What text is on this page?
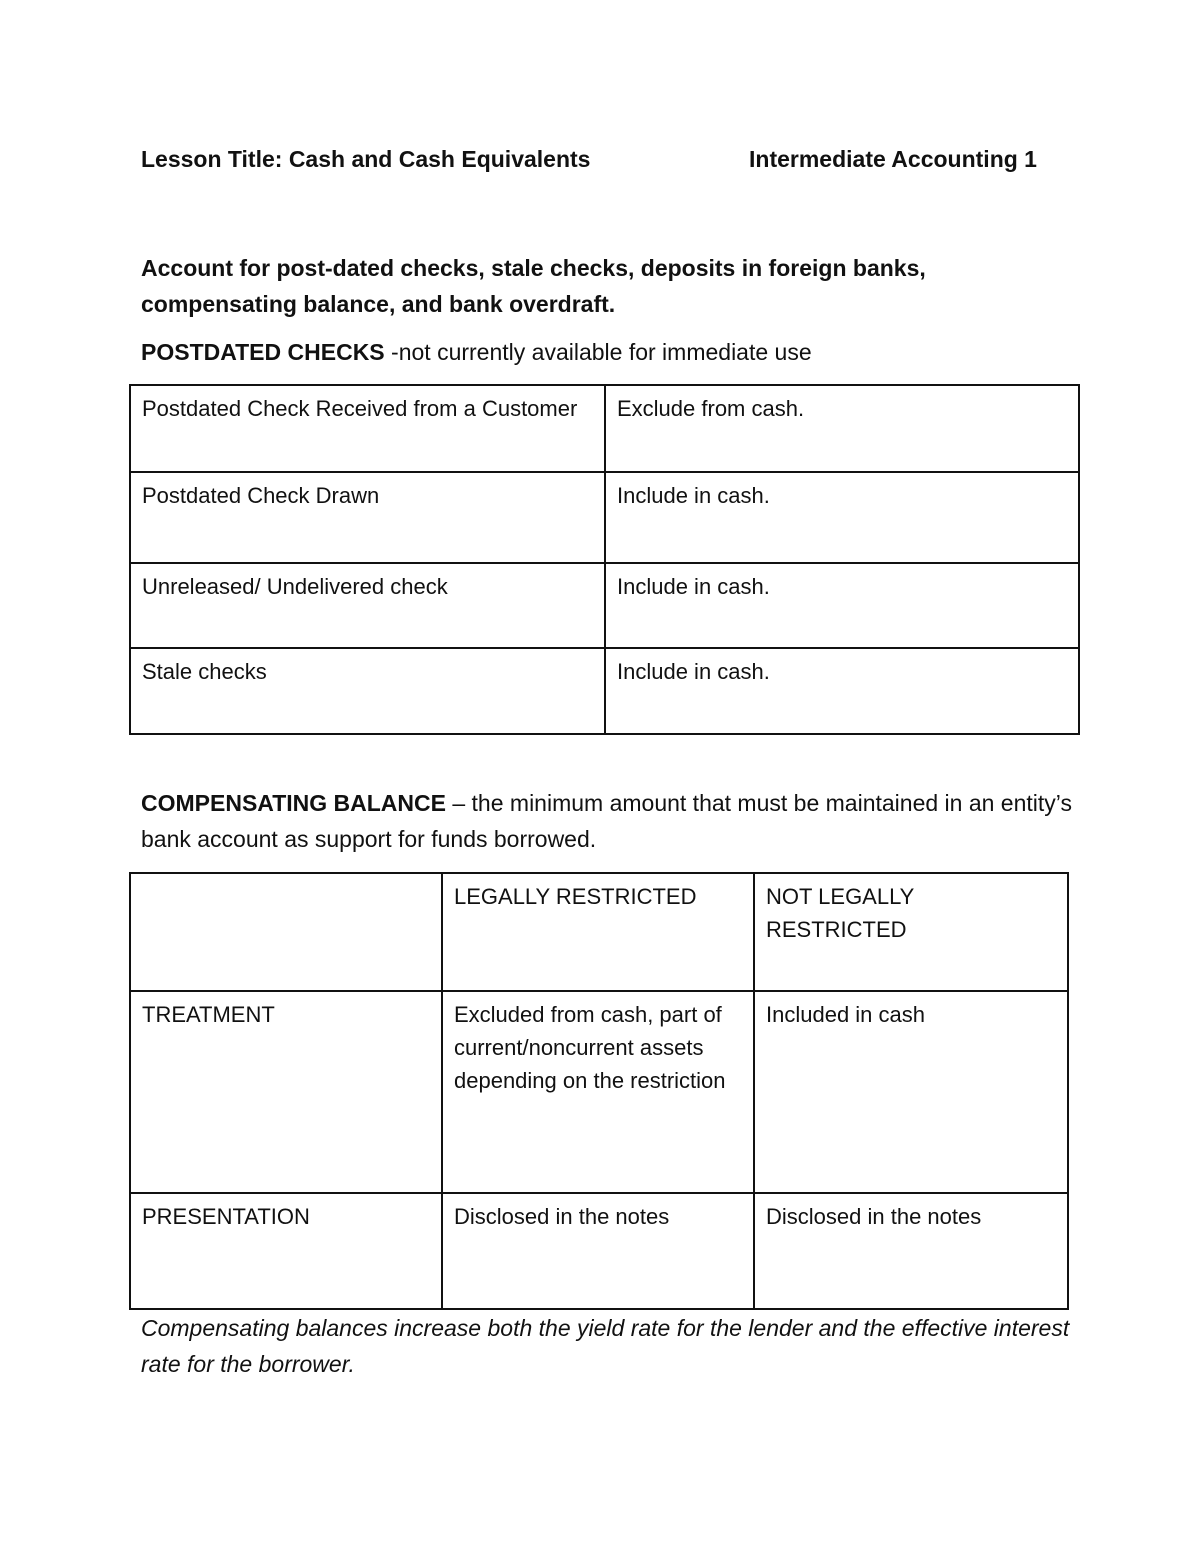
Lesson Title: Cash and Cash Equivalents	Intermediate Accounting 1
Account for post-dated checks, stale checks, deposits in foreign banks,
compensating balance, and bank overdraft.
POSTDATED CHECKS -not currently available for immediate use
Postdated Check Received from a Customer	Exclude from cash.
Postdated Check Drawn	Include in cash.
Unreleased/ Undelivered check	Include in cash.
Stale checks	Include in cash.
COMPENSATING BALANCE – the minimum amount that must be maintained in an entity’s bank account as support for funds borrowed.
	LEGALLY RESTRICTED	NOT LEGALLY RESTRICTED
TREATMENT	Excluded from cash, part of
current/noncurrent assets
depending on the restriction	Included in cash
PRESENTATION	Disclosed in the notes	Disclosed in the notes
Compensating balances increase both the yield rate for the lender and the effective interest rate for the borrower.
